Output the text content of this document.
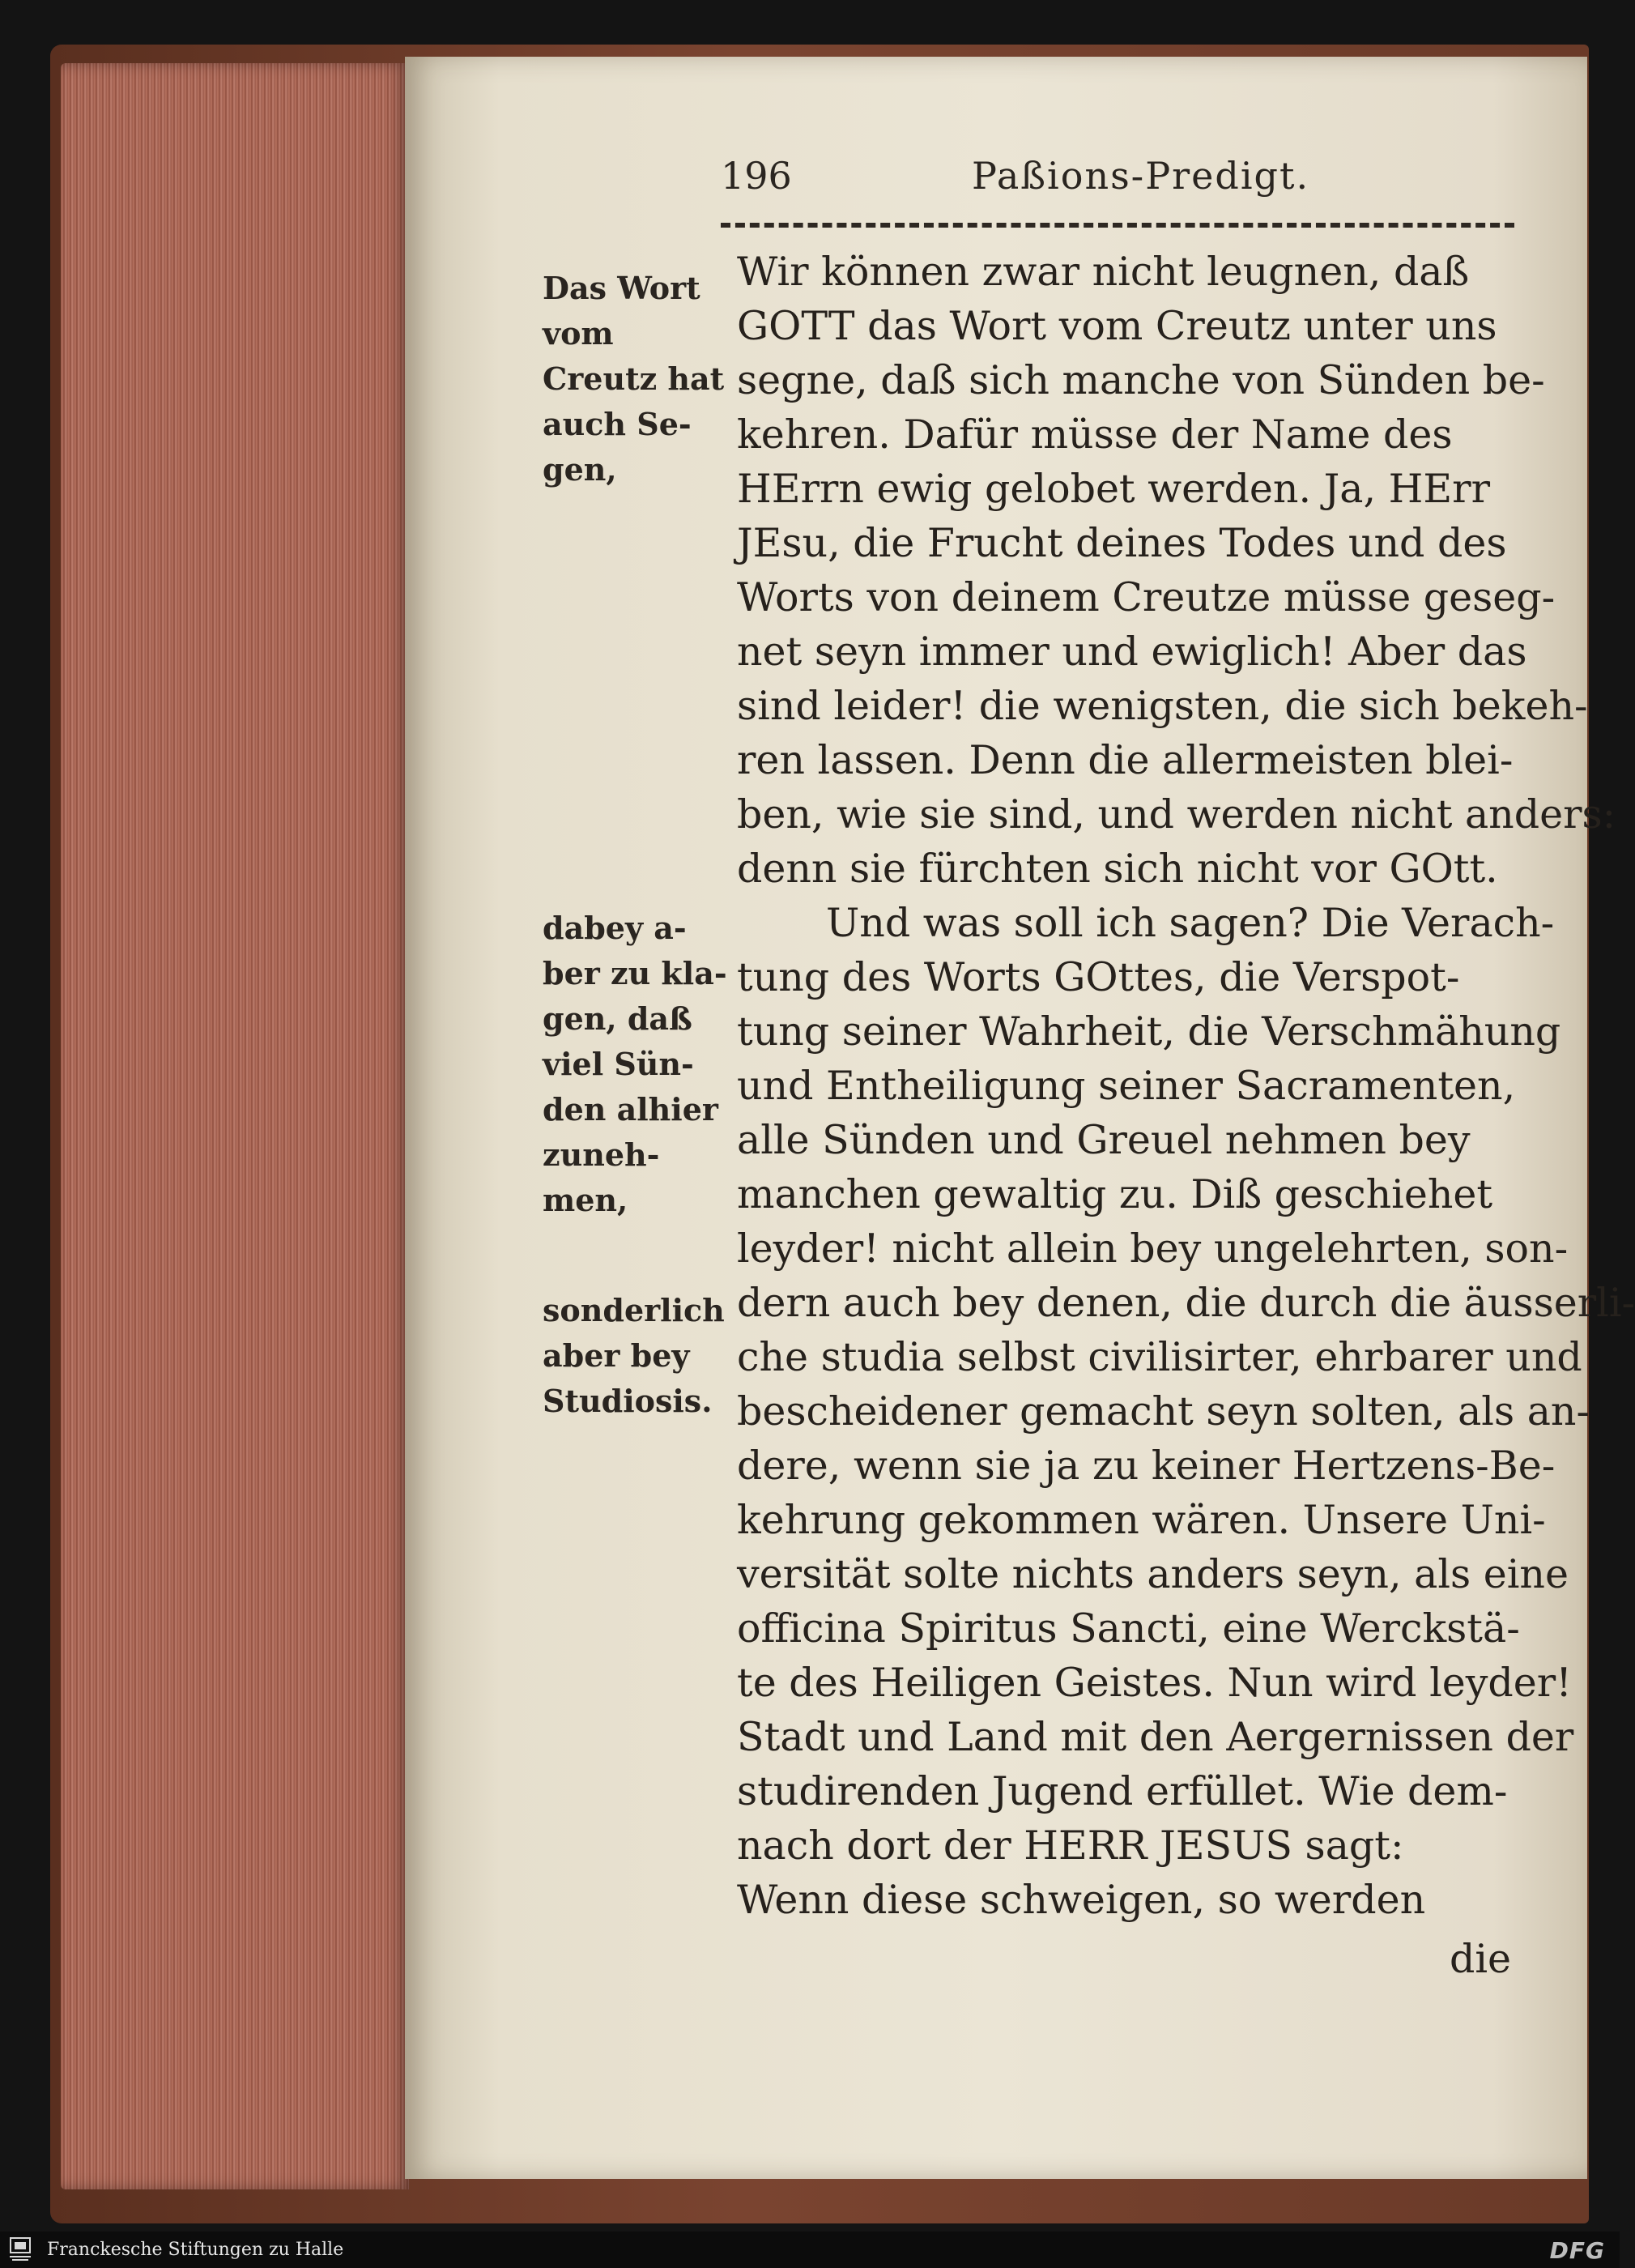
196	Paßions-Predigt.
Das Wort
vom
Creutz hat
auch Se-
gen,
dabey a-
ber zu kla-
gen, daß
viel Sün-
den alhier
zuneh-
men,
sonderlich
aber bey
Studiosis.
Wir können zwar nicht leugnen, daß
GOTT das Wort vom Creutz unter uns
segne, daß sich manche von Sünden be-
kehren. Dafür müsse der Name des
HErrn ewig gelobet werden. Ja, HErr
JEsu, die Frucht deines Todes und des
Worts von deinem Creutze müsse geseg-
net seyn immer und ewiglich! Aber das
sind leider! die wenigsten, die sich bekeh-
ren lassen. Denn die allermeisten blei-
ben, wie sie sind, und werden nicht anders:
denn sie fürchten sich nicht vor GOtt.
Und was soll ich sagen? Die Verach-
tung des Worts GOttes, die Verspot-
tung seiner Wahrheit, die Verschmähung
und Entheiligung seiner Sacramenten,
alle Sünden und Greuel nehmen bey
manchen gewaltig zu. Diß geschiehet
leyder! nicht allein bey ungelehrten, son-
dern auch bey denen, die durch die äusserli-
che studia selbst civilisirter, ehrbarer und
bescheidener gemacht seyn solten, als an-
dere, wenn sie ja zu keiner Hertzens-Be-
kehrung gekommen wären. Unsere Uni-
versität solte nichts anders seyn, als eine
officina Spiritus Sancti, eine Werckstä-
te des Heiligen Geistes. Nun wird leyder!
Stadt und Land mit den Aergernissen der
studirenden Jugend erfüllet. Wie dem-
nach dort der HERR JESUS sagt:
Wenn diese schweigen, so werden
die
Franckesche Stiftungen zu Halle	DFG
